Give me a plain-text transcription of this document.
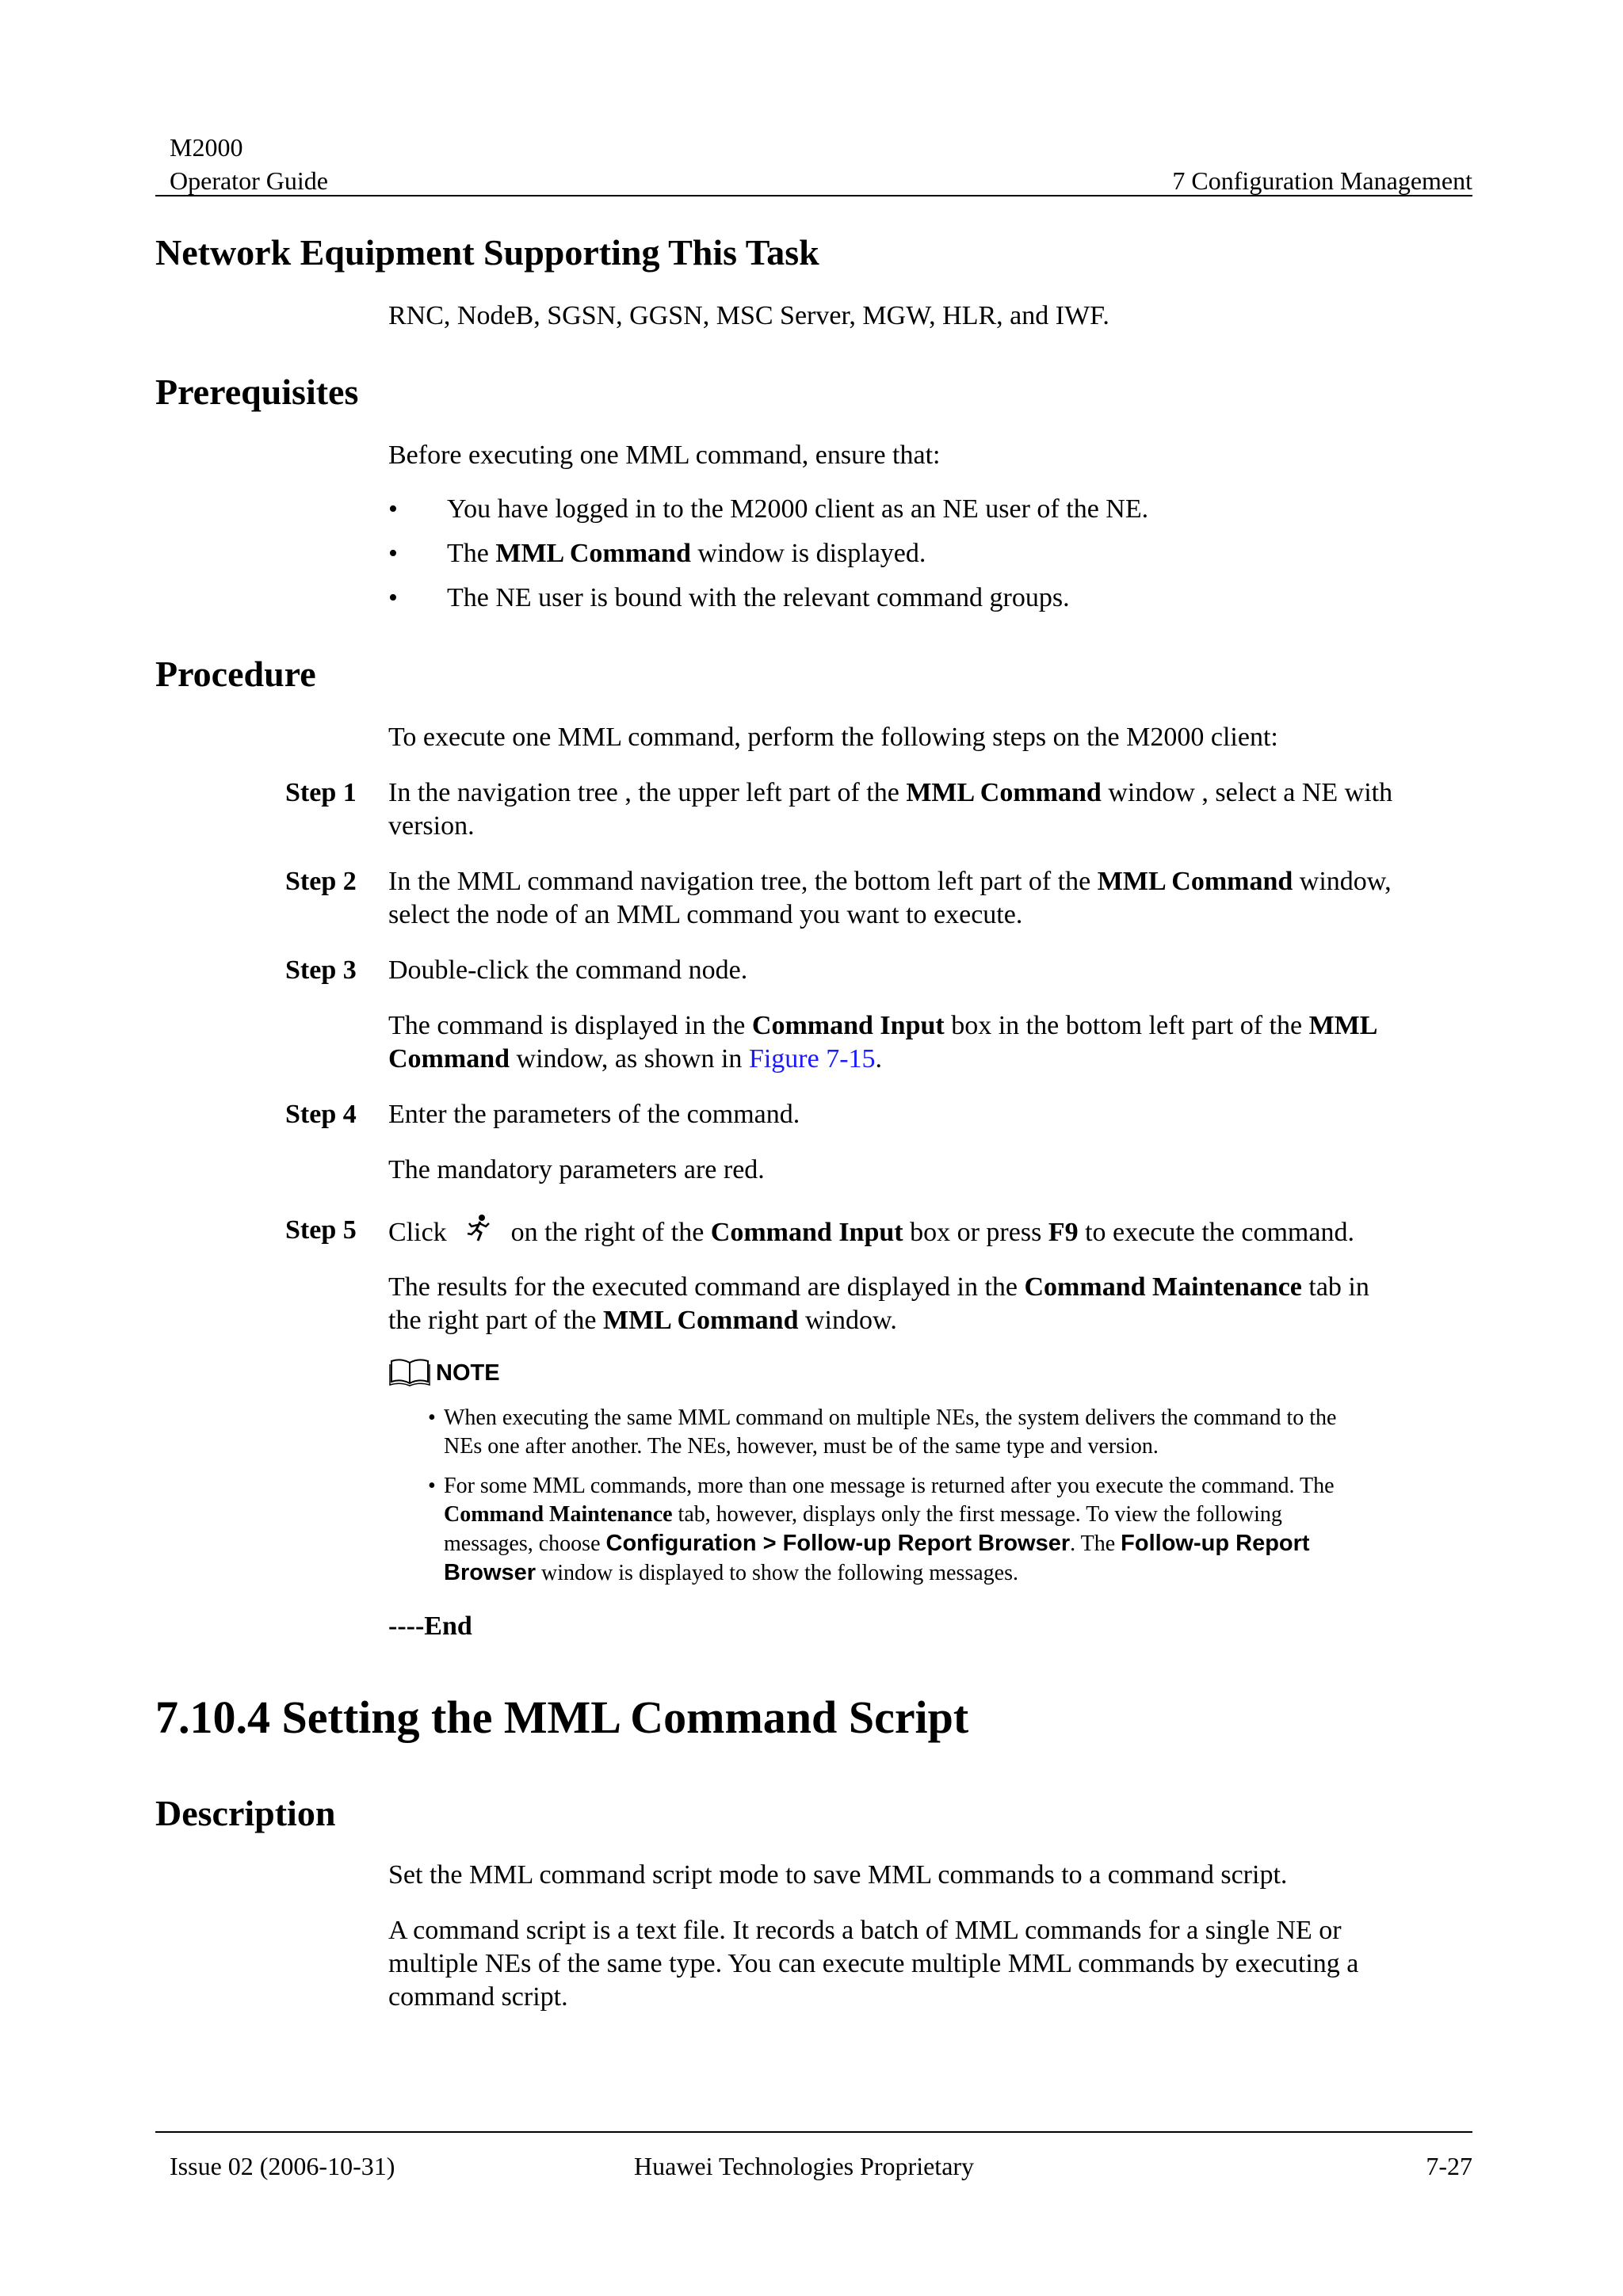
M2000
Operator Guide	7 Configuration Management
Network Equipment Supporting This Task
RNC, NodeB, SGSN, GGSN, MSC Server, MGW, HLR, and IWF.
Prerequisites
Before executing one MML command, ensure that:
• You have logged in to the M2000 client as an NE user of the NE.
• The MML Command window is displayed.
• The NE user is bound with the relevant command groups.
Procedure
To execute one MML command, perform the following steps on the M2000 client:
Step 1 In the navigation tree , the upper left part of the MML Command window , select a NE with
version.
Step 2 In the MML command navigation tree, the bottom left part of the MML Command window,
select the node of an MML command you want to execute.
Step 3 Double-click the command node.
The command is displayed in the Command Input box in the bottom left part of the MML
Command window, as shown in Figure 7-15.
Step 4 Enter the parameters of the command.
The mandatory parameters are red.
Step 5 Click on the right of the Command Input box or press F9 to execute the command.
The results for the executed command are displayed in the Command Maintenance tab in
the right part of the MML Command window.
NOTE
• When executing the same MML command on multiple NEs, the system delivers the command to the
NEs one after another. The NEs, however, must be of the same type and version.
• For some MML commands, more than one message is returned after you execute the command. The
Command Maintenance tab, however, displays only the first message. To view the following
messages, choose Configuration > Follow-up Report Browser. The Follow-up Report
Browser window is displayed to show the following messages.
----End
7.10.4 Setting the MML Command Script
Description
Set the MML command script mode to save MML commands to a command script.
A command script is a text file. It records a batch of MML commands for a single NE or
multiple NEs of the same type. You can execute multiple MML commands by executing a
command script.
Issue 02 (2006-10-31)	Huawei Technologies Proprietary	7-27
